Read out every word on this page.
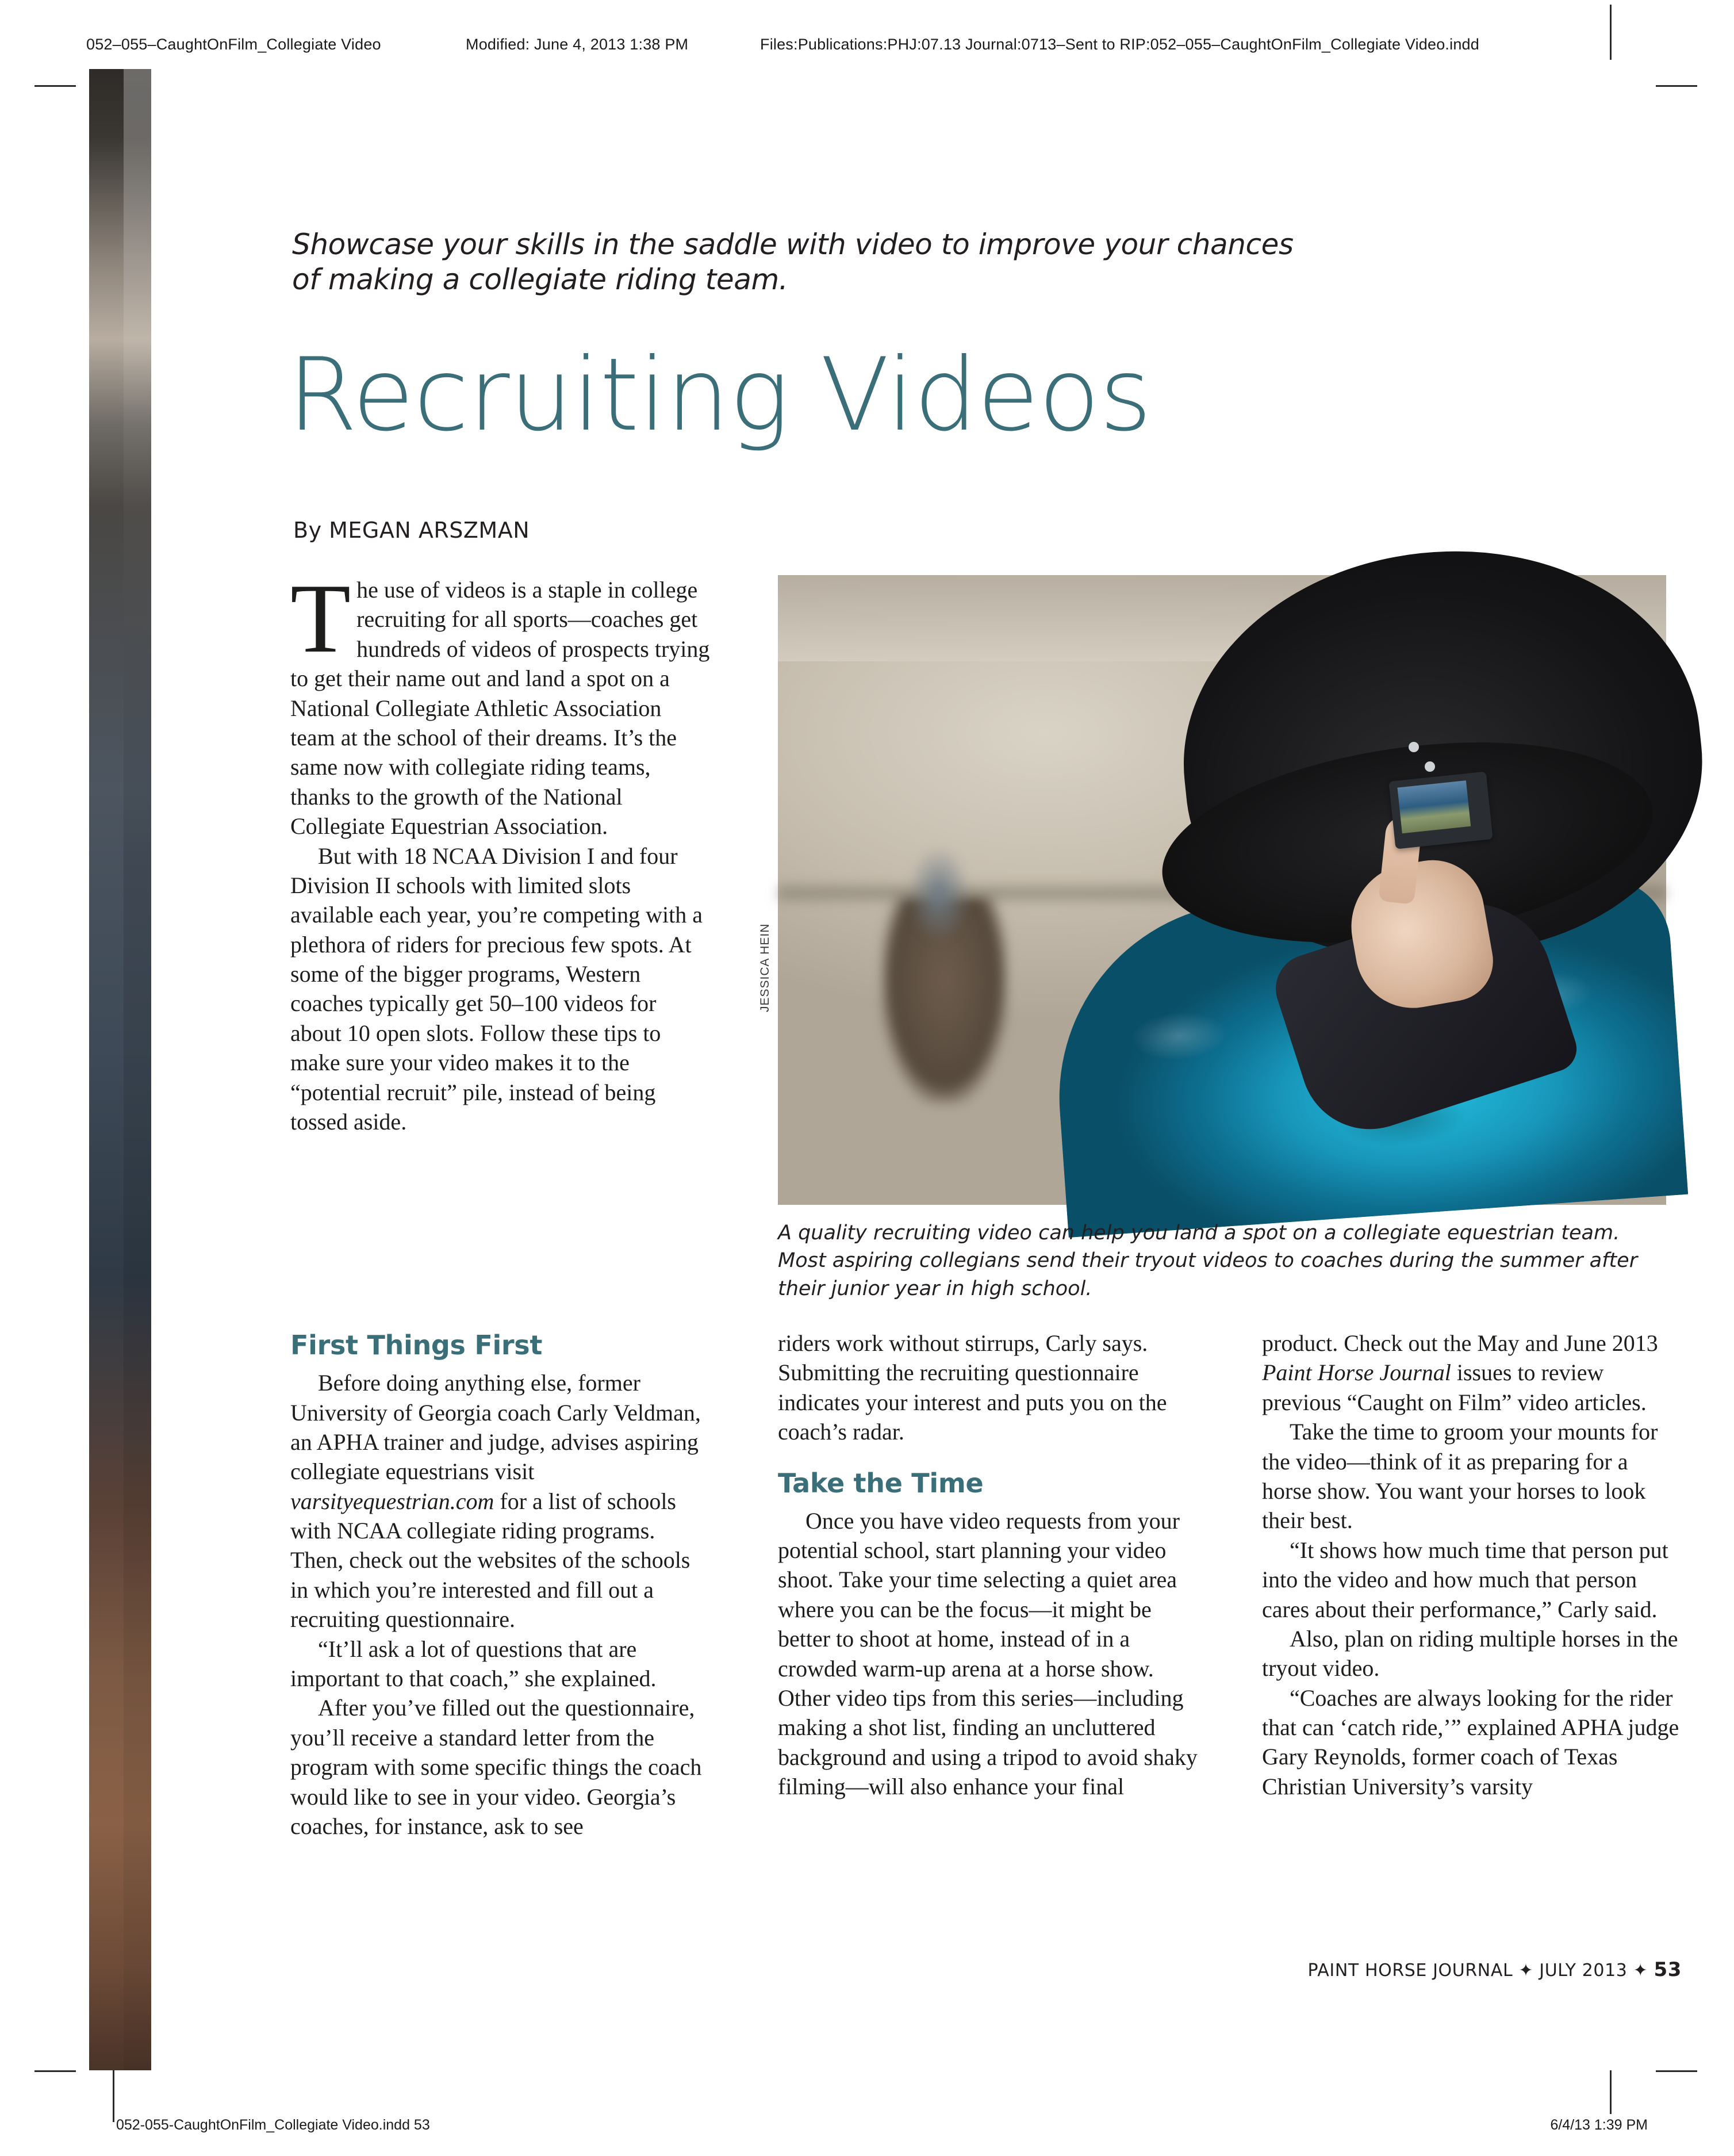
052–055–CaughtOnFilm_Collegiate Video	Modified: June 4, 2013 1:38 PM	Files:Publications:PHJ:07.13 Journal:0713–Sent to RIP:052–055–CaughtOnFilm_Collegiate Video.indd
Showcase your skills in the saddle with video to improve your chances of making a collegiate riding team.
Recruiting Videos
By MEGAN ARSZMAN
JESSICA HEIN
A quality recruiting video can help you land a spot on a collegiate equestrian team. Most aspiring collegians send their tryout videos to coaches during the summer after their junior year in high school.

The use of videos is a staple in college recruiting for all sports—coaches get hundreds of videos of prospects trying to get their name out and land a spot on a National Collegiate Athletic Association team at the school of their dreams. It’s the same now with collegiate riding teams, thanks to the growth of the National Collegiate Equestrian Association.

But with 18 NCAA Division I and four Division II schools with limited slots available each year, you’re competing with a plethora of riders for precious few spots. At some of the bigger programs, Western coaches typically get 50–100 videos for about 10 open slots. Follow these tips to make sure your video makes it to the “potential recruit” pile, instead of being tossed aside.

First Things First

Before doing anything else, former University of Georgia coach Carly Veldman, an APHA trainer and judge, advises aspiring collegiate equestrians visit varsityequestrian.com for a list of schools with NCAA collegiate riding programs. Then, check out the websites of the schools in which you’re interested and fill out a recruiting questionnaire.

“It’ll ask a lot of questions that are important to that coach,” she explained.

After you’ve filled out the questionnaire, you’ll receive a standard letter from the program with some specific things the coach would like to see in your video. Georgia’s coaches, for instance, ask to see

riders work without stirrups, Carly says. Submitting the recruiting questionnaire indicates your interest and puts you on the coach’s radar.

Take the Time

Once you have video requests from your potential school, start planning your video shoot. Take your time selecting a quiet area where you can be the focus—it might be better to shoot at home, instead of in a crowded warm-up arena at a horse show. Other video tips from this series—including making a shot list, finding an uncluttered background and using a tripod to avoid shaky filming—will also enhance your final

product. Check out the May and June 2013 Paint Horse Journal issues to review previous “Caught on Film” video articles.

Take the time to groom your mounts for the video—think of it as preparing for a horse show. You want your horses to look their best.

“It shows how much time that person put into the video and how much that person cares about their performance,” Carly said.

Also, plan on riding multiple horses in the tryout video.

“Coaches are always looking for the rider that can ‘catch ride,’” explained APHA judge Gary Reynolds, former coach of Texas Christian University’s varsity

PAINT HORSE JOURNAL ✦ JULY 2013 ✦ 53
052-055-CaughtOnFilm_Collegiate Video.indd 53	6/4/13 1:39 PM
